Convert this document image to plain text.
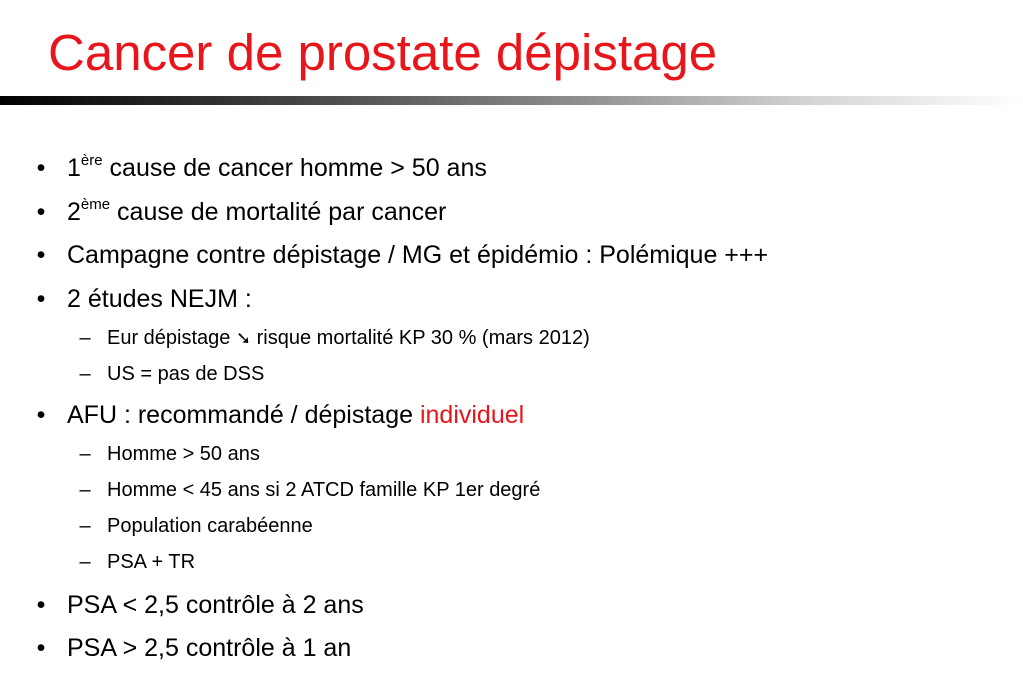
Cancer de prostate dépistage
• 1ère cause de cancer homme > 50 ans
• 2ème cause de mortalité par cancer
• Campagne contre dépistage / MG et épidémio : Polémique +++
• 2 études NEJM :
– Eur dépistage ➘ risque mortalité KP 30 % (mars 2012)
– US = pas de DSS
• AFU : recommandé / dépistage individuel
– Homme > 50 ans
– Homme < 45 ans si 2 ATCD famille KP 1er degré
– Population carabéenne
– PSA + TR
• PSA < 2,5 contrôle à 2 ans
• PSA > 2,5 contrôle à 1 an
